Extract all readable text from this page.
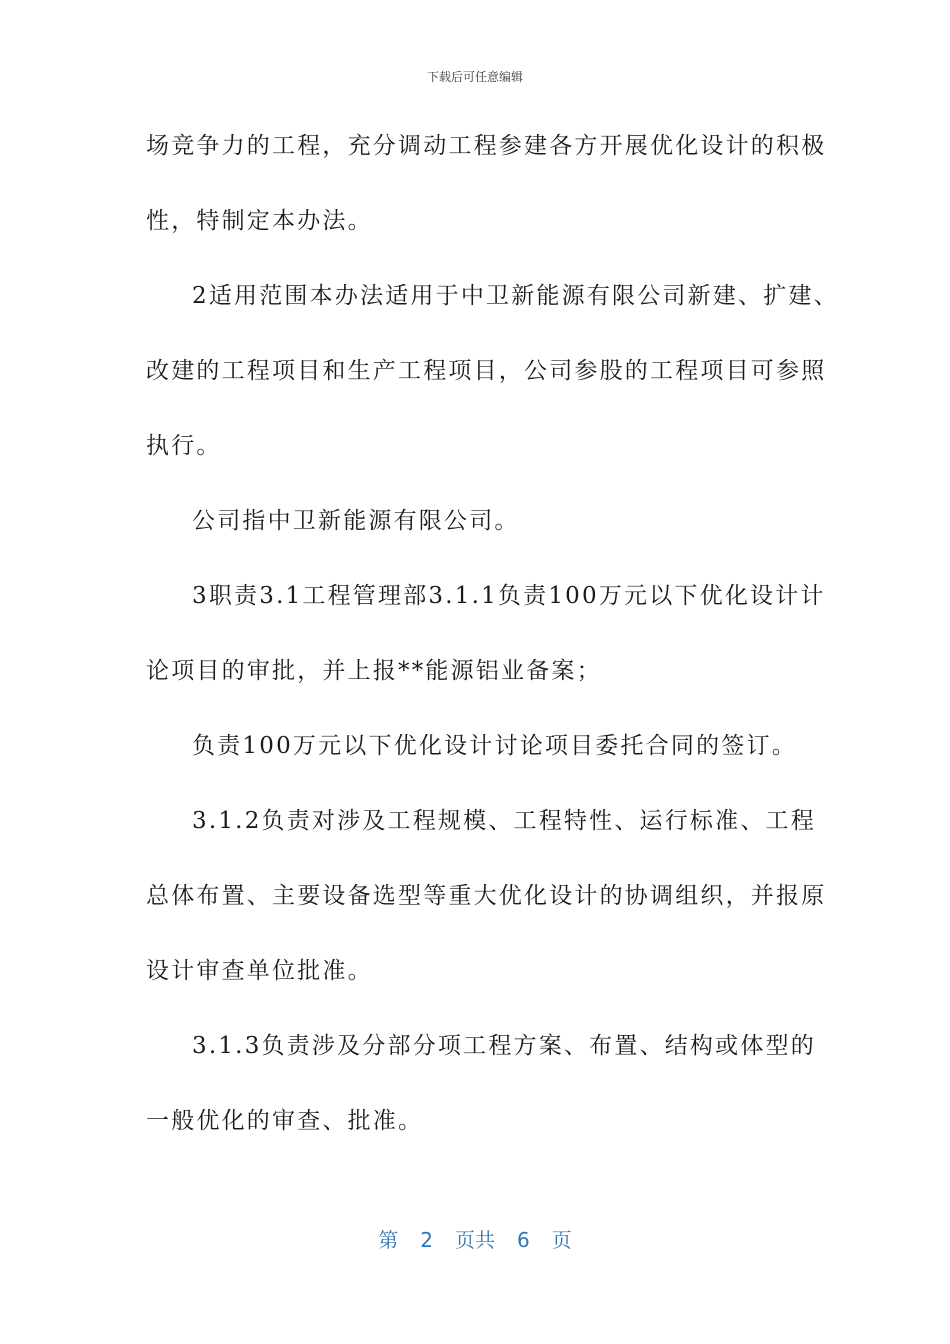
下载后可任意编辑
场竞争力的工程，充分调动工程参建各方开展优化设计的积极
性，特制定本办法。
2适用范围本办法适用于中卫新能源有限公司新建、扩建、
改建的工程项目和生产工程项目，公司参股的工程项目可参照
执行。
公司指中卫新能源有限公司。
3职责3.1工程管理部3.1.1负责100万元以下优化设计计
论项目的审批，并上报**能源铝业备案；
负责100万元以下优化设计讨论项目委托合同的签订。
3.1.2负责对涉及工程规模、工程特性、运行标准、工程
总体布置、主要设备选型等重大优化设计的协调组织，并报原
设计审查单位批准。
3.1.3负责涉及分部分项工程方案、布置、结构或体型的
一般优化的审查、批准。
第 2 页共 6 页
